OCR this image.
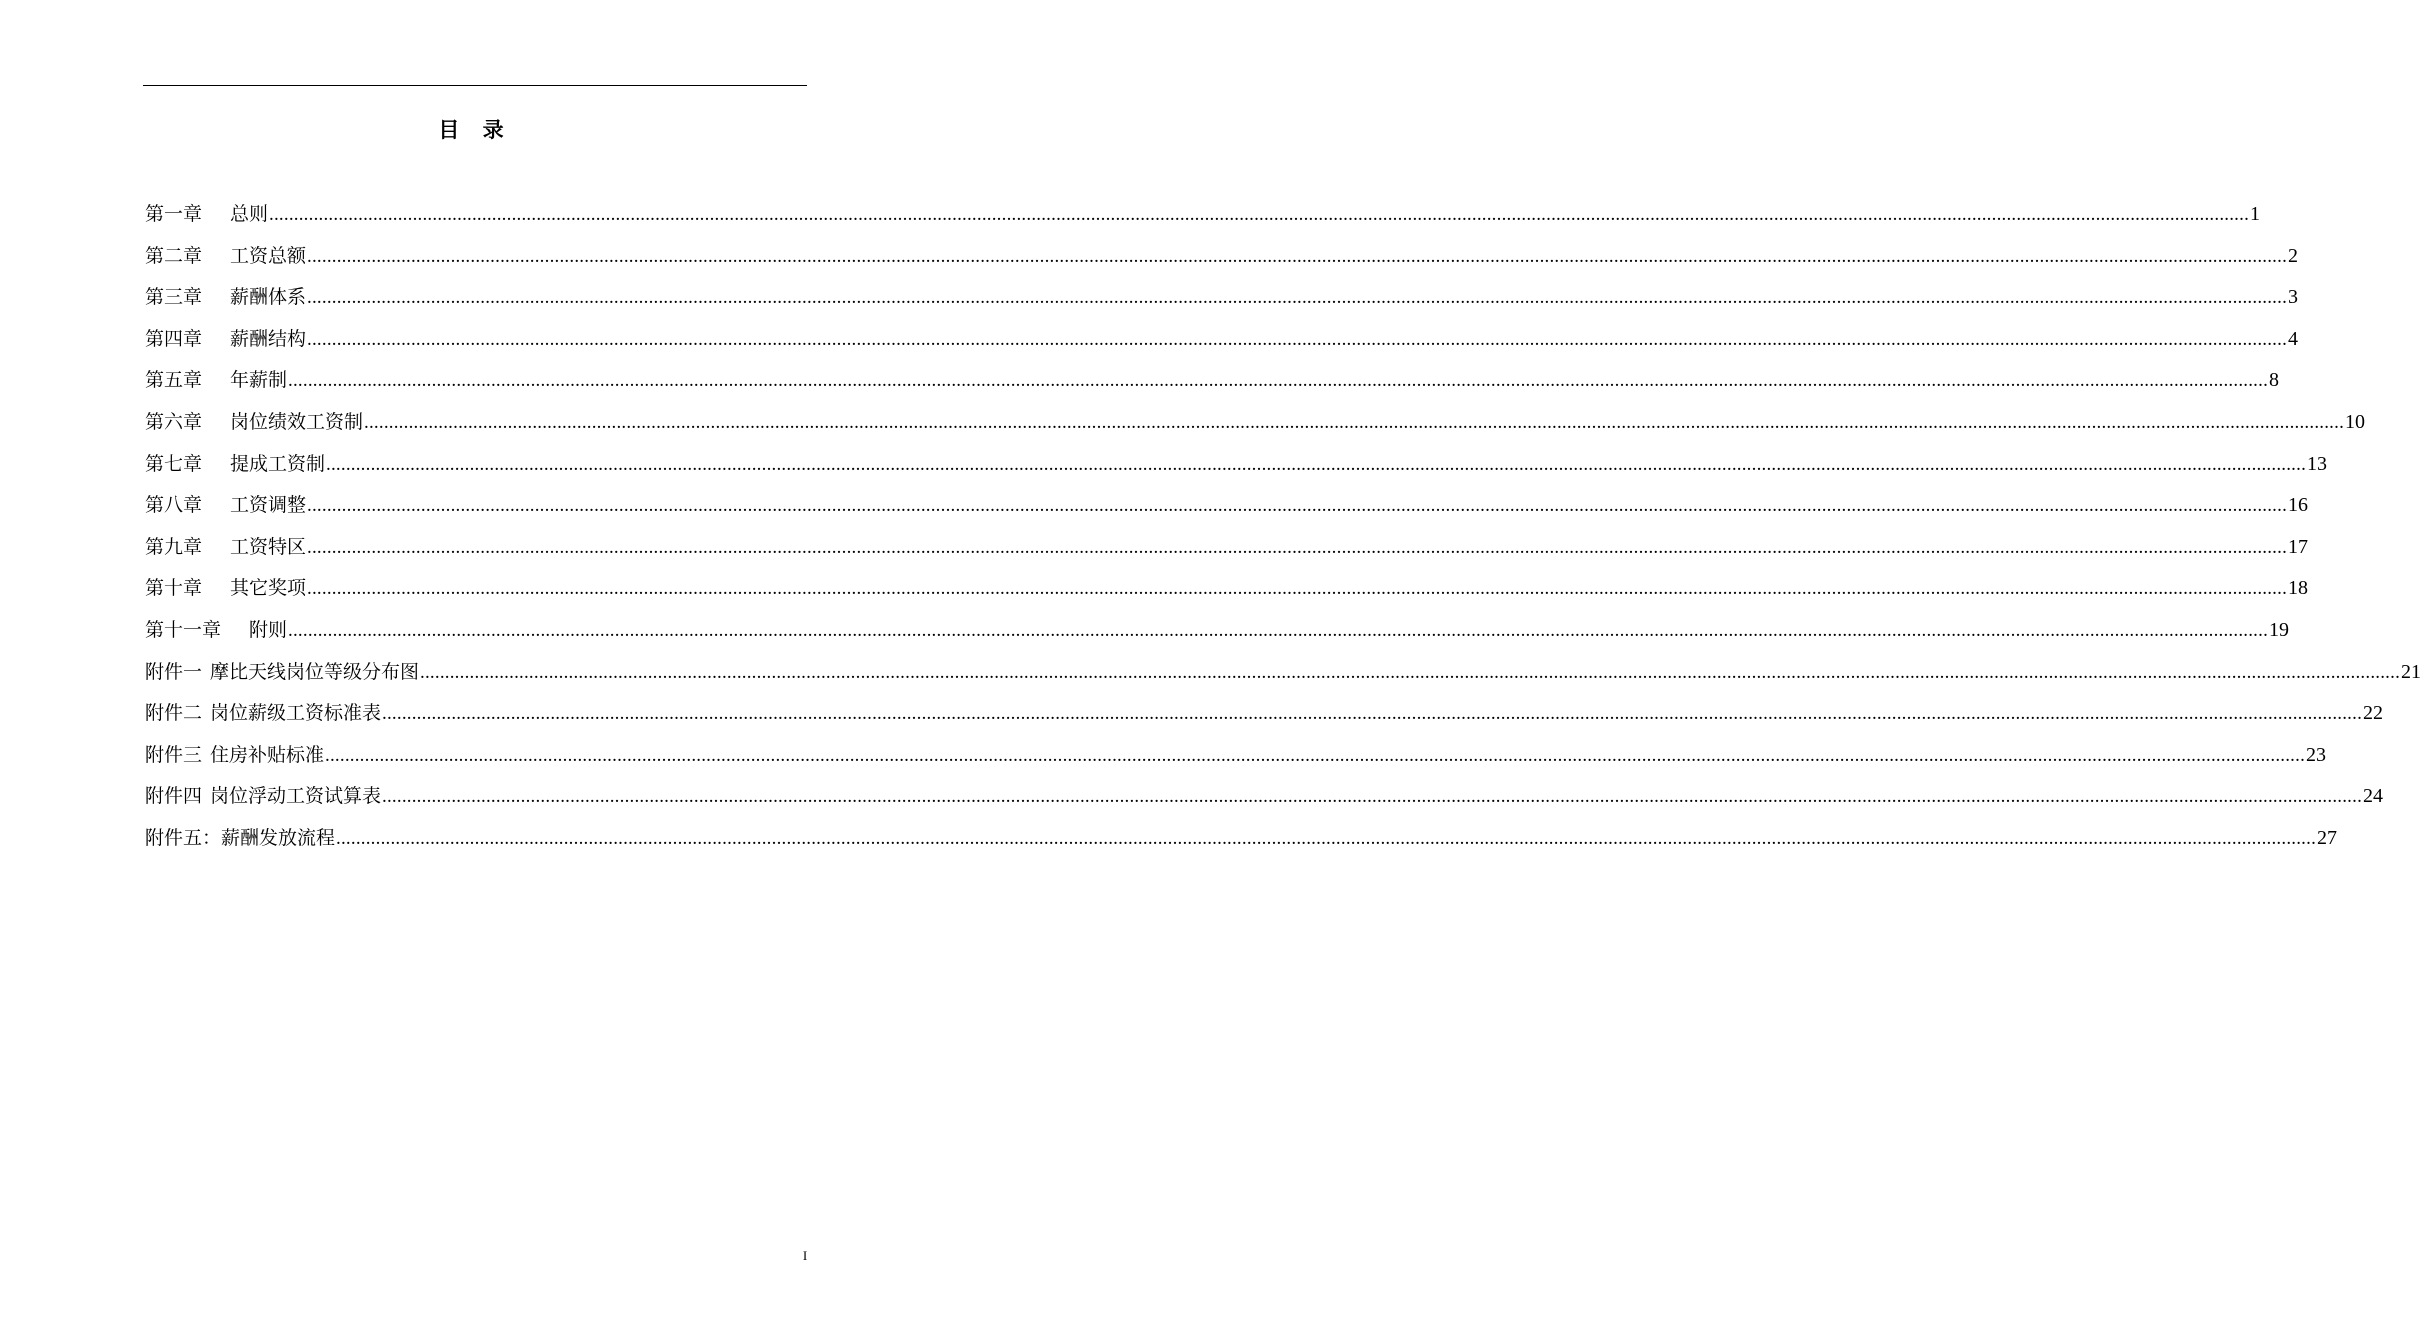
目 录
第一章 总则 ................................................................................................................................................................................................................................................................................................................................................................................................................ 1
第二章 工资总额 ................................................................................................................................................................................................................................................................................................................................................................................................................ 2
第三章 薪酬体系 ................................................................................................................................................................................................................................................................................................................................................................................................................ 3
第四章 薪酬结构 ................................................................................................................................................................................................................................................................................................................................................................................................................ 4
第五章 年薪制 ................................................................................................................................................................................................................................................................................................................................................................................................................ 8
第六章 岗位绩效工资制 ................................................................................................................................................................................................................................................................................................................................................................................................................ 10
第七章 提成工资制 ................................................................................................................................................................................................................................................................................................................................................................................................................ 13
第八章 工资调整 ................................................................................................................................................................................................................................................................................................................................................................................................................ 16
第九章 工资特区 ................................................................................................................................................................................................................................................................................................................................................................................................................ 17
第十章 其它奖项 ................................................................................................................................................................................................................................................................................................................................................................................................................ 18
第十一章 附则 ................................................................................................................................................................................................................................................................................................................................................................................................................ 19
附件一 摩比天线岗位等级分布图 ................................................................................................................................................................................................................................................................................................................................................................................................................ 21
附件二 岗位薪级工资标准表 ................................................................................................................................................................................................................................................................................................................................................................................................................ 22
附件三 住房补贴标准 ................................................................................................................................................................................................................................................................................................................................................................................................................ 23
附件四 岗位浮动工资试算表 ................................................................................................................................................................................................................................................................................................................................................................................................................ 24
附件五： 薪酬发放流程 ................................................................................................................................................................................................................................................................................................................................................................................................................ 27
I
